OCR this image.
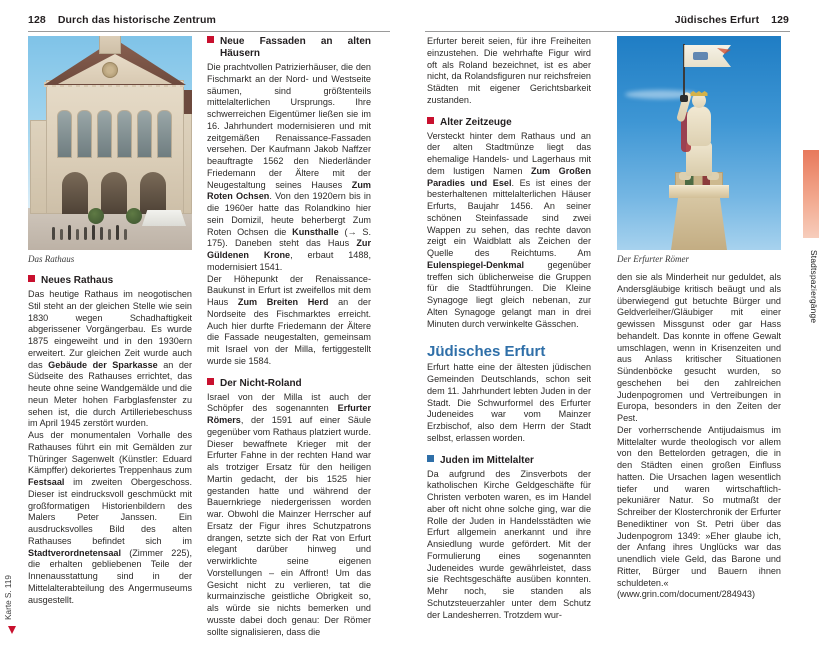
128 Durch das historische Zentrum	Jüdisches Erfurt 129
Das Rathaus
Neues Rathaus

Das heutige Rathaus im neogotischen Stil steht an der gleichen Stelle wie sein 1830 wegen Schadhaftigkeit abgerissener Vorgängerbau. Es wurde 1875 eingeweiht und in den 1930ern erweitert. Zur gleichen Zeit wurde auch das Gebäude der Sparkasse an der Südseite des Rathauses errichtet, das heute ohne seine Wandgemälde und die neun Meter hohen Farbglasfenster zu sehen ist, die durch Artilleriebeschuss im April 1945 zerstört wurden.

Aus der monumentalen Vorhalle des Rathauses führt ein mit Gemälden zur Thüringer Sagenwelt (Künstler: Eduard Kämpffer) dekoriertes Treppenhaus zum Festsaal im zweiten Obergeschoss. Dieser ist eindrucksvoll geschmückt mit großformatigen Historienbildern des Malers Peter Janssen. Ein ausdrucksvolles Bild des alten Rathauses befindet sich im Stadtverordnetensaal (Zimmer 225), die erhalten gebliebenen Teile der Innenausstattung sind in der Mittelalterabteilung des Angermuseums ausgestellt.

Neue Fassaden an alten Häusern

Die prachtvollen Patrizierhäuser, die den Fischmarkt an der Nord- und Westseite säumen, sind größtenteils mittelalterlichen Ursprungs. Ihre schwerreichen Eigentümer ließen sie im 16. Jahrhundert modernisieren und mit zeitgemäßen Renaissance-Fassaden versehen. Der Kaufmann Jakob Naffzer beauftragte 1562 den Niederländer Friedemann der Ältere mit der Neugestaltung seines Hauses Zum Roten Ochsen. Von den 1920ern bis in die 1960er hatte das Rolandkino hier sein Domizil, heute beherbergt Zum Roten Ochsen die Kunsthalle (→ S. 175). Daneben steht das Haus Zur Güldenen Krone, erbaut 1488, modernisiert 1541.

Der Höhepunkt der Renaissance-Baukunst in Erfurt ist zweifellos mit dem Haus Zum Breiten Herd an der Nordseite des Fischmarktes erreicht. Auch hier durfte Friedemann der Ältere die Fassade neugestalten, gemeinsam mit Israel von der Milla, fertiggestellt wurde sie 1584.

Der Nicht-Roland

Israel von der Milla ist auch der Schöpfer des sogenannten Erfurter Römers, der 1591 auf einer Säule gegenüber vom Rathaus platziert wurde. Dieser bewaffnete Krieger mit der Erfurter Fahne in der rechten Hand war als trotziger Ersatz für den heiligen Martin gedacht, der bis 1525 hier gestanden hatte und während der Bauernkriege niedergerissen worden war. Obwohl die Mainzer Herrscher auf Ersatz der Figur ihres Schutzpatrons drangen, setzte sich der Rat von Erfurt elegant darüber hinweg und verwirklichte seine eigenen Vorstellungen – ein Affront! Um das Gesicht nicht zu verlieren, tat die kurmainzische geistliche Obrigkeit so, als würde sie nichts bemerken und wusste dabei doch genau: Der Römer sollte signalisieren, dass die

Erfurter bereit seien, für ihre Freiheiten einzustehen. Die wehrhafte Figur wird oft als Roland bezeichnet, ist es aber nicht, da Rolandsfiguren nur reichsfreien Städten mit eigener Gerichtsbarkeit zustanden.

Alter Zeitzeuge

Versteckt hinter dem Rathaus und an der alten Stadtmünze liegt das ehemalige Handels- und Lagerhaus mit dem lustigen Namen Zum Großen Paradies und Esel. Es ist eines der besterhaltenen mittelalterlichen Häuser Erfurts, Baujahr 1456. An seiner schönen Steinfassade sind zwei Wappen zu sehen, das rechte davon zeigt ein Waidblatt als Zeichen der Quelle des Reichtums. Am Eulenspiegel-Denkmal gegenüber treffen sich üblicherweise die Gruppen für die Stadtführungen. Die Kleine Synagoge liegt gleich nebenan, zur Alten Synagoge gelangt man in drei Minuten durch verwinkelte Gässchen.

Jüdisches Erfurt

Erfurt hatte eine der ältesten jüdischen Gemeinden Deutschlands, schon seit dem 11. Jahrhundert lebten Juden in der Stadt. Die Schwurformel des Erfurter Judeneides war vom Mainzer Erzbischof, also dem Herrn der Stadt selbst, erlassen worden.

Juden im Mittelalter

Da aufgrund des Zinsverbots der katholischen Kirche Geldgeschäfte für Christen verboten waren, es im Handel aber oft nicht ohne solche ging, war die Rolle der Juden in Handelsstädten wie Erfurt allgemein anerkannt und ihre Ansiedlung wurde gefördert. Mit der Formulierung eines sogenannten Judeneides wurde gewährleistet, dass sie Rechtsgeschäfte ausüben konnten. Mehr noch, sie standen als Schutzsteuerzahler unter dem Schutz der Landesherren. Trotzdem wur-

Der Erfurter Römer

den sie als Minderheit nur geduldet, als Andersgläubige kritisch beäugt und als überwiegend gut betuchte Bürger und Geldverleiher/Gläubiger mit einer gewissen Missgunst oder gar Hass behandelt. Das konnte in offene Gewalt umschlagen, wenn in Krisenzeiten und aus Anlass kritischer Situationen Sündenböcke gesucht wurden, so geschehen bei den zahlreichen Judenpogromen und Vertreibungen in Europa, besonders in den Zeiten der Pest.

Der vorherrschende Antijudaismus im Mittelalter wurde theologisch vor allem von den Bettelorden getragen, die in den Städten einen großen Einfluss hatten. Die Ursachen lagen wesentlich tiefer und waren wirtschaftlich-pekuniärer Natur. So mutmaßt der Schreiber der Klosterchronik der Erfurter Benediktiner von St. Petri über das Judenpogrom 1349: »Eher glaube ich, der Anfang ihres Unglücks war das unendlich viele Geld, das Barone und Ritter, Bürger und Bauern ihnen schuldeten.« (www.grin.com/document/284943)

Stadtspaziergänge
Karte S. 119
